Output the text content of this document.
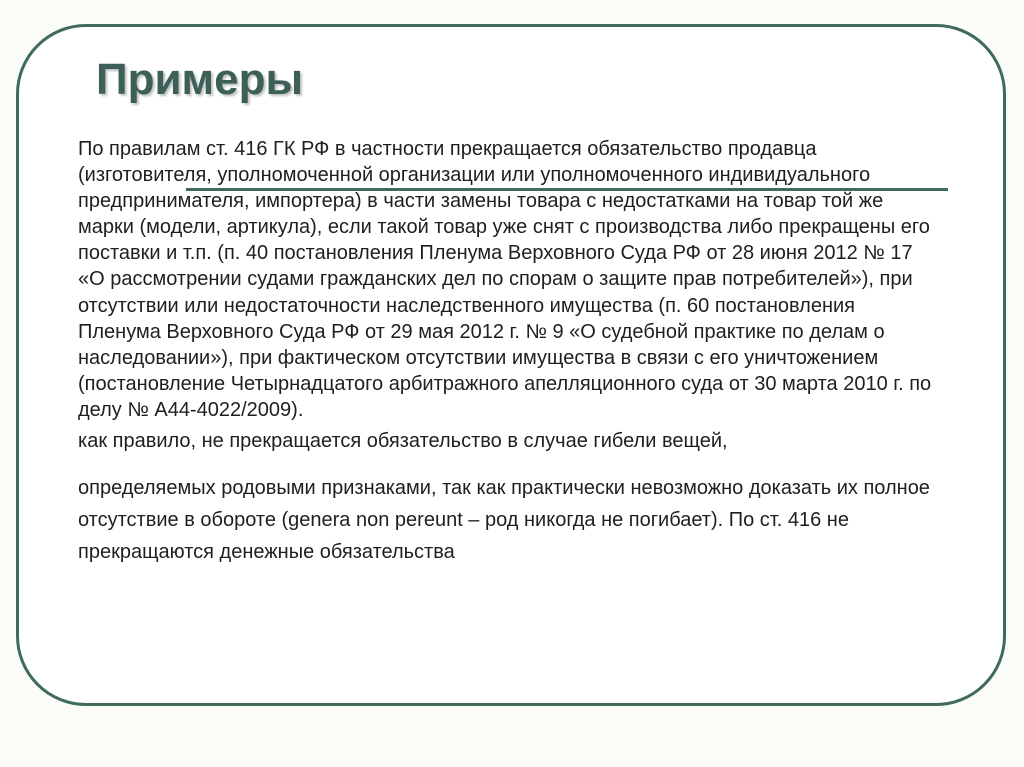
Примеры

По правилам ст. 416 ГК РФ в частности прекращается обязательство продавца (изготовителя, уполномоченной организации или уполномоченного индивидуального предпринимателя, импортера) в части замены товара с недостатками на товар той же марки (модели, артикула), если такой товар уже снят с производства либо прекращены его поставки и т.п. (п. 40 постановления Пленума Верховного Суда РФ от 28 июня 2012 № 17 «О рассмотрении судами гражданских дел по спорам о защите прав потребителей»), при отсутствии или недостаточности наследственного имущества (п. 60 постановления Пленума Верховного Суда РФ от 29 мая 2012 г. № 9 «О судебной практике по делам о наследовании»), при фактическом отсутствии имущества в связи с его уничтожением (постановление Четырнадцатого арбитражного апелляционного суда от 30 марта 2010 г. по делу № А44-4022/2009).

как правило, не прекращается обязательство в случае гибели вещей,

определяемых родовыми признаками, так как практически невозможно доказать их полное отсутствие в обороте (genera non pereunt – род никогда не погибает). По ст. 416 не прекращаются денежные обязательства
